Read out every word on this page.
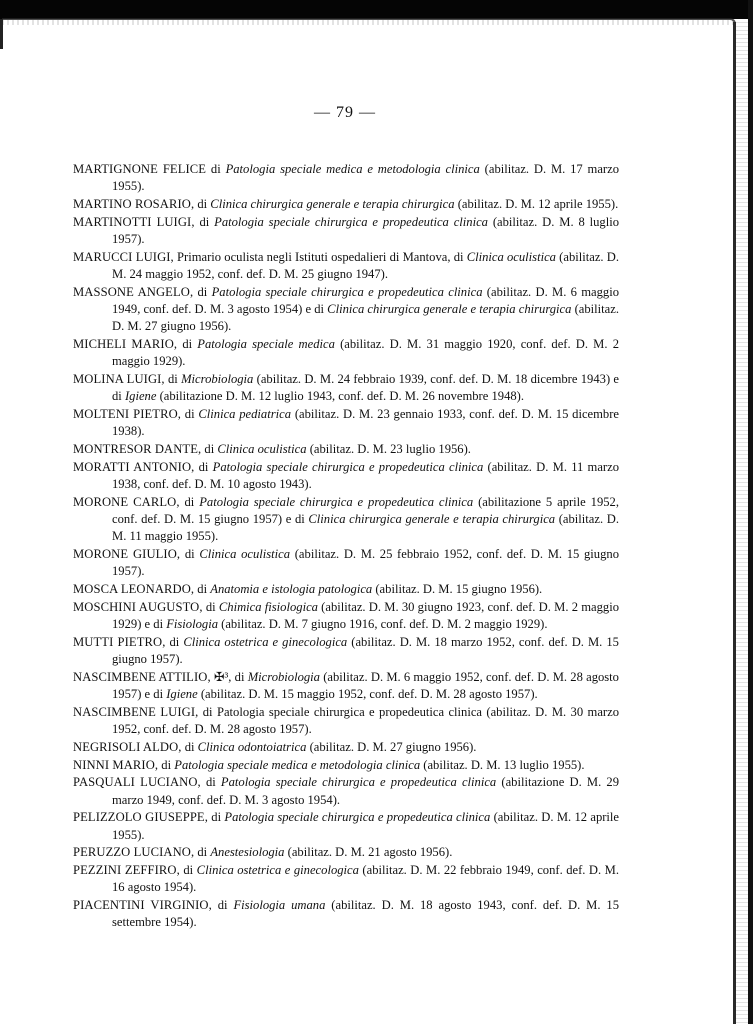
— 79 —

MARTIGNONE FELICE di Patologia speciale medica e metodologia clinica (abilitaz. D. M. 17 marzo 1955).

MARTINO ROSARIO, di Clinica chirurgica generale e terapia chirurgica (abilitaz. D. M. 12 aprile 1955).

MARTINOTTI LUIGI, di Patologia speciale chirurgica e propedeutica clinica (abilitaz. D. M. 8 luglio 1957).

MARUCCI LUIGI, Primario oculista negli Istituti ospedalieri di Mantova, di Clinica oculistica (abilitaz. D. M. 24 maggio 1952, conf. def. D. M. 25 giugno 1947).

MASSONE ANGELO, di Patologia speciale chirurgica e propedeutica clinica (abilitaz. D. M. 6 maggio 1949, conf. def. D. M. 3 agosto 1954) e di Clinica chirurgica generale e terapia chirurgica (abilitaz. D. M. 27 giugno 1956).

MICHELI MARIO, di Patologia speciale medica (abilitaz. D. M. 31 maggio 1920, conf. def. D. M. 2 maggio 1929).

MOLINA LUIGI, di Microbiologia (abilitaz. D. M. 24 febbraio 1939, conf. def. D. M. 18 dicembre 1943) e di Igiene (abilitazione D. M. 12 luglio 1943, conf. def. D. M. 26 novembre 1948).

MOLTENI PIETRO, di Clinica pediatrica (abilitaz. D. M. 23 gennaio 1933, conf. def. D. M. 15 dicembre 1938).

MONTRESOR DANTE, di Clinica oculistica (abilitaz. D. M. 23 luglio 1956).

MORATTI ANTONIO, di Patologia speciale chirurgica e propedeutica clinica (abilitaz. D. M. 11 marzo 1938, conf. def. D. M. 10 agosto 1943).

MORONE CARLO, di Patologia speciale chirurgica e propedeutica clinica (abilitazione 5 aprile 1952, conf. def. D. M. 15 giugno 1957) e di Clinica chirurgica generale e terapia chirurgica (abilitaz. D. M. 11 maggio 1955).

MORONE GIULIO, di Clinica oculistica (abilitaz. D. M. 25 febbraio 1952, conf. def. D. M. 15 giugno 1957).

MOSCA LEONARDO, di Anatomia e istologia patologica (abilitaz. D. M. 15 giugno 1956).

MOSCHINI AUGUSTO, di Chimica fisiologica (abilitaz. D. M. 30 giugno 1923, conf. def. D. M. 2 maggio 1929) e di Fisiologia (abilitaz. D. M. 7 giugno 1916, conf. def. D. M. 2 maggio 1929).

MUTTI PIETRO, di Clinica ostetrica e ginecologica (abilitaz. D. M. 18 marzo 1952, conf. def. D. M. 15 giugno 1957).

NASCIMBENE ATTILIO, ✠³, di Microbiologia (abilitaz. D. M. 6 maggio 1952, conf. def. D. M. 28 agosto 1957) e di Igiene (abilitaz. D. M. 15 maggio 1952, conf. def. D. M. 28 agosto 1957).

NASCIMBENE LUIGI, di Patologia speciale chirurgica e propedeutica clinica (abilitaz. D. M. 30 marzo 1952, conf. def. D. M. 28 agosto 1957).

NEGRISOLI ALDO, di Clinica odontoiatrica (abilitaz. D. M. 27 giugno 1956).

NINNI MARIO, di Patologia speciale medica e metodologia clinica (abilitaz. D. M. 13 luglio 1955).

PASQUALI LUCIANO, di Patologia speciale chirurgica e propedeutica clinica (abilitazione D. M. 29 marzo 1949, conf. def. D. M. 3 agosto 1954).

PELIZZOLO GIUSEPPE, di Patologia speciale chirurgica e propedeutica clinica (abilitaz. D. M. 12 aprile 1955).

PERUZZO LUCIANO, di Anestesiologia (abilitaz. D. M. 21 agosto 1956).

PEZZINI ZEFFIRO, di Clinica ostetrica e ginecologica (abilitaz. D. M. 22 febbraio 1949, conf. def. D. M. 16 agosto 1954).

PIACENTINI VIRGINIO, di Fisiologia umana (abilitaz. D. M. 18 agosto 1943, conf. def. D. M. 15 settembre 1954).
